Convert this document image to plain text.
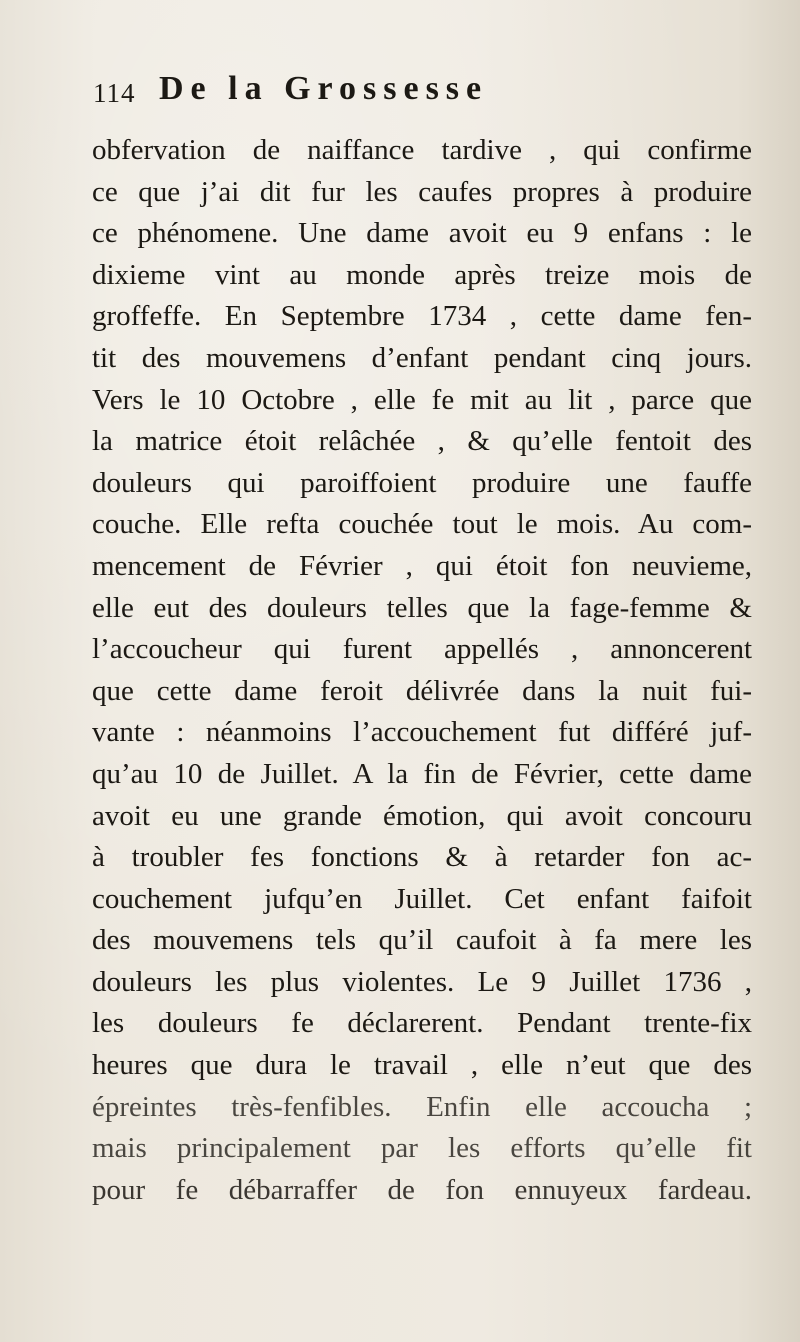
114 De la Grossesse
obfervation de naiffance tardive , qui confirme
ce que j’ai dit fur les caufes propres à produire
ce phénomene. Une dame avoit eu 9 enfans : le
dixieme vint au monde après treize mois de
groffeffe. En Septembre 1734 , cette dame fen-
tit des mouvemens d’enfant pendant cinq jours.
Vers le 10 Octobre , elle fe mit au lit , parce que
la matrice étoit relâchée , & qu’elle fentoit des
douleurs qui paroiffoient produire une fauffe
couche. Elle refta couchée tout le mois. Au com-
mencement de Février , qui étoit fon neuvieme,
elle eut des douleurs telles que la fage-femme &
l’accoucheur qui furent appellés , annoncerent
que cette dame feroit délivrée dans la nuit fui-
vante : néanmoins l’accouchement fut différé juf-
qu’au 10 de Juillet. A la fin de Février, cette dame
avoit eu une grande émotion, qui avoit concouru
à troubler fes fonctions & à retarder fon ac-
couchement jufqu’en Juillet. Cet enfant faifoit
des mouvemens tels qu’il caufoit à fa mere les
douleurs les plus violentes. Le 9 Juillet 1736 ,
les douleurs fe déclarerent. Pendant trente-fix
heures que dura le travail , elle n’eut que des
épreintes très-fenfibles. Enfin elle accoucha ;
mais principalement par les efforts qu’elle fit
pour fe débarraffer de fon ennuyeux fardeau.
